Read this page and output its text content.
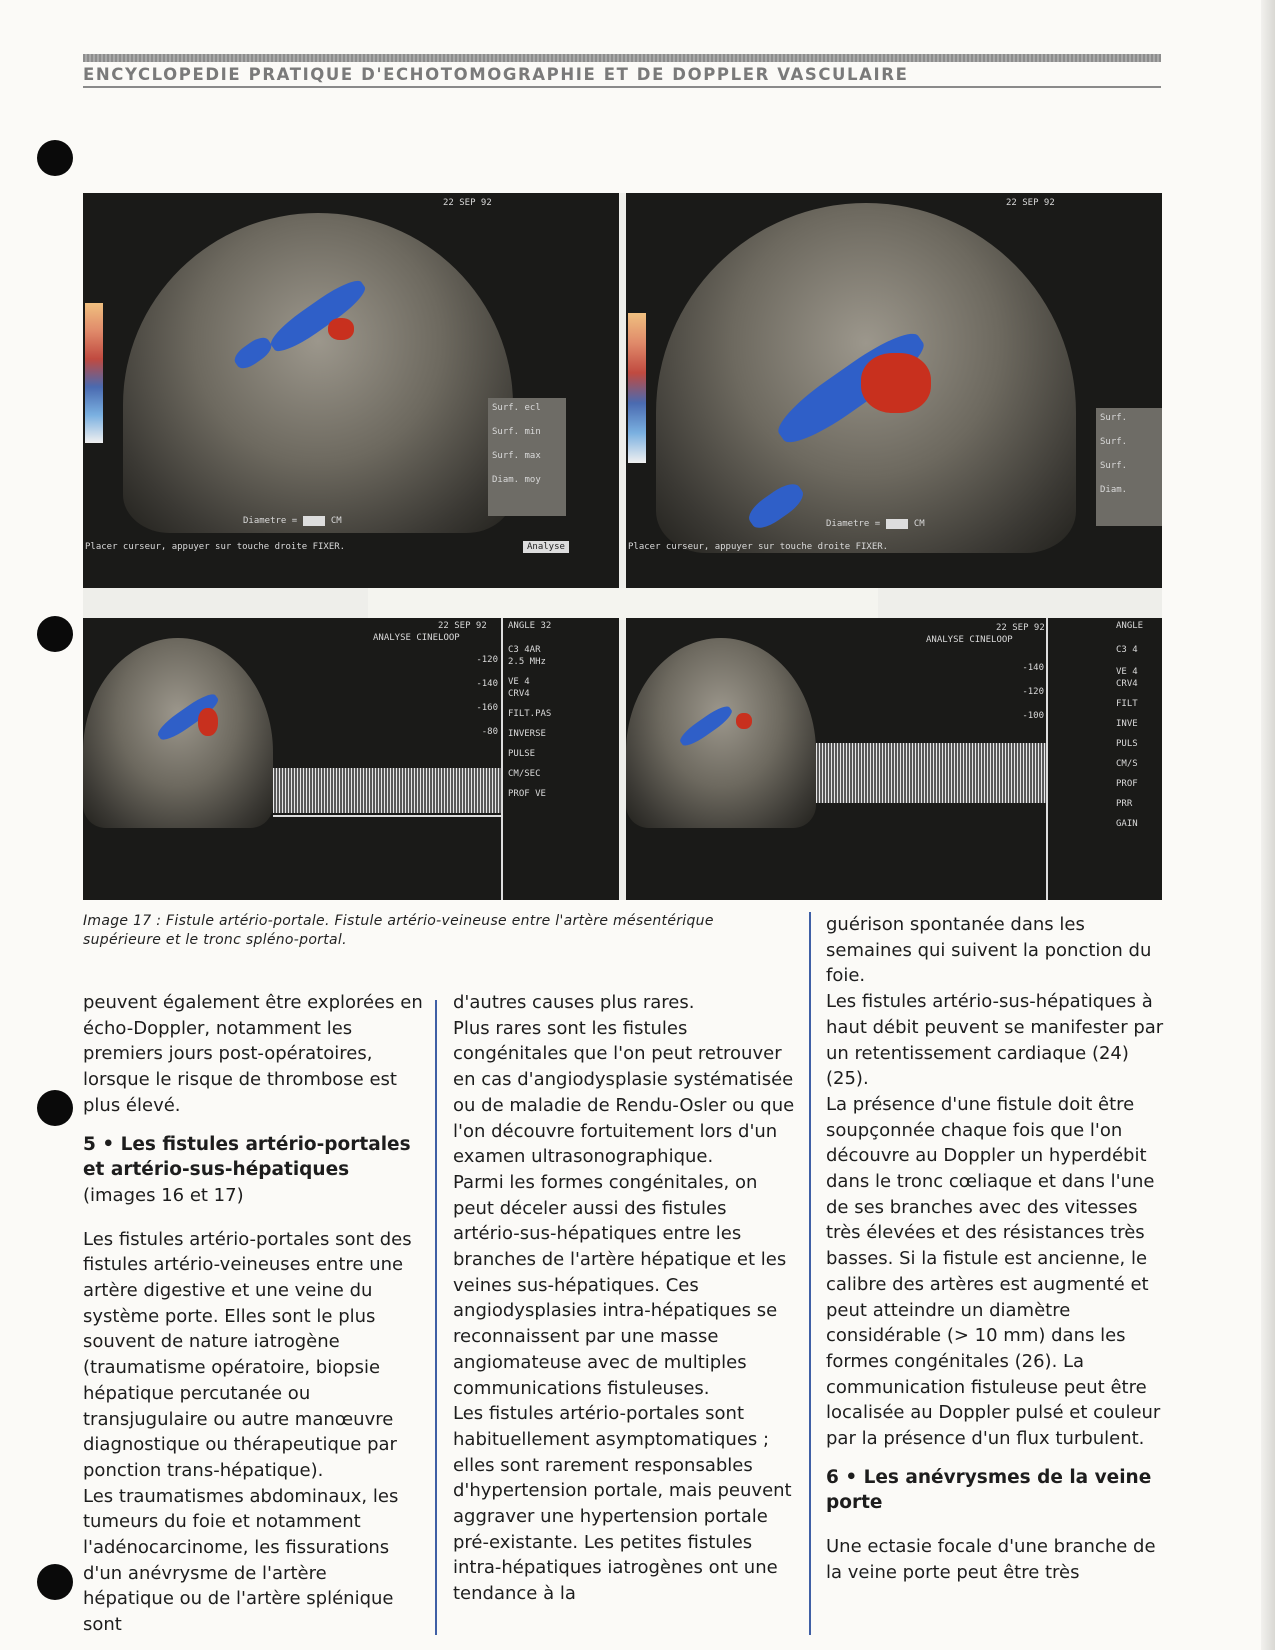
ENCYCLOPEDIE PRATIQUE D'ECHOTOMOGRAPHIE ET DE DOPPLER VASCULAIRE
22 SEP 92
Surf. ecl

Surf. min

Surf. max

Diam. moy
Diametre =	CM
Placer curseur, appuyer sur touche droite FIXER.	Analyse
22 SEP 92
Surf.

Surf.

Surf.

Diam.
Diametre =	CM
Placer curseur, appuyer sur touche droite FIXER.
22 SEP 92
ANALYSE CINELOOP
-120

-140

-160

-80
ANGLE 32
C3 4AR
2.5 MHz
VE 4
CRV4
FILT.PAS
INVERSE
PULSE
CM/SEC
PROF VE
22 SEP 92
ANALYSE CINELOOP
-140

-120

-100
ANGLE
C3 4
VE 4
CRV4
FILT
INVE
PULS
CM/S
PROF
PRR
GAIN
Image 17 : Fistule artério-portale. Fistule artério-veineuse entre l'artère mésentérique supérieure et le tronc spléno-portal.

peuvent également être explorées en écho-Doppler, notamment les premiers jours post-opératoires, lorsque le risque de thrombose est plus élevé.

5 • Les fistules artério-portales et artério-sus-hépatiques

(images 16 et 17)

Les fistules artério-portales sont des fistules artério-veineuses entre une artère digestive et une veine du système porte. Elles sont le plus souvent de nature iatrogène (traumatisme opératoire, biopsie hépatique percutanée ou transjugulaire ou autre manœuvre diagnostique ou thérapeutique par ponction trans-hépatique).

Les traumatismes abdominaux, les tumeurs du foie et notamment l'adénocarcinome, les fissurations d'un anévrysme de l'artère hépatique ou de l'artère splénique sont

d'autres causes plus rares.

Plus rares sont les fistules congénitales que l'on peut retrouver en cas d'angiodysplasie systématisée ou de maladie de Rendu-Osler ou que l'on découvre fortuitement lors d'un examen ultrasonographique.

Parmi les formes congénitales, on peut déceler aussi des fistules artério-sus-hépatiques entre les branches de l'artère hépatique et les veines sus-hépatiques. Ces angiodysplasies intra-hépatiques se reconnaissent par une masse angiomateuse avec de multiples communications fistuleuses.

Les fistules artério-portales sont habituellement asymptomatiques ; elles sont rarement responsables d'hypertension portale, mais peuvent aggraver une hypertension portale pré-existante. Les petites fistules intra-hépatiques iatrogènes ont une tendance à la

guérison spontanée dans les semaines qui suivent la ponction du foie.

Les fistules artério-sus-hépatiques à haut débit peuvent se manifester par un retentissement cardiaque (24) (25).

La présence d'une fistule doit être soupçonnée chaque fois que l'on découvre au Doppler un hyperdébit dans le tronc cœliaque et dans l'une de ses branches avec des vitesses très élevées et des résistances très basses. Si la fistule est ancienne, le calibre des artères est augmenté et peut atteindre un diamètre considérable (> 10 mm) dans les formes congénitales (26). La communication fistuleuse peut être localisée au Doppler pulsé et couleur par la présence d'un flux turbulent.

6 • Les anévrysmes de la veine porte

Une ectasie focale d'une branche de la veine porte peut être très
